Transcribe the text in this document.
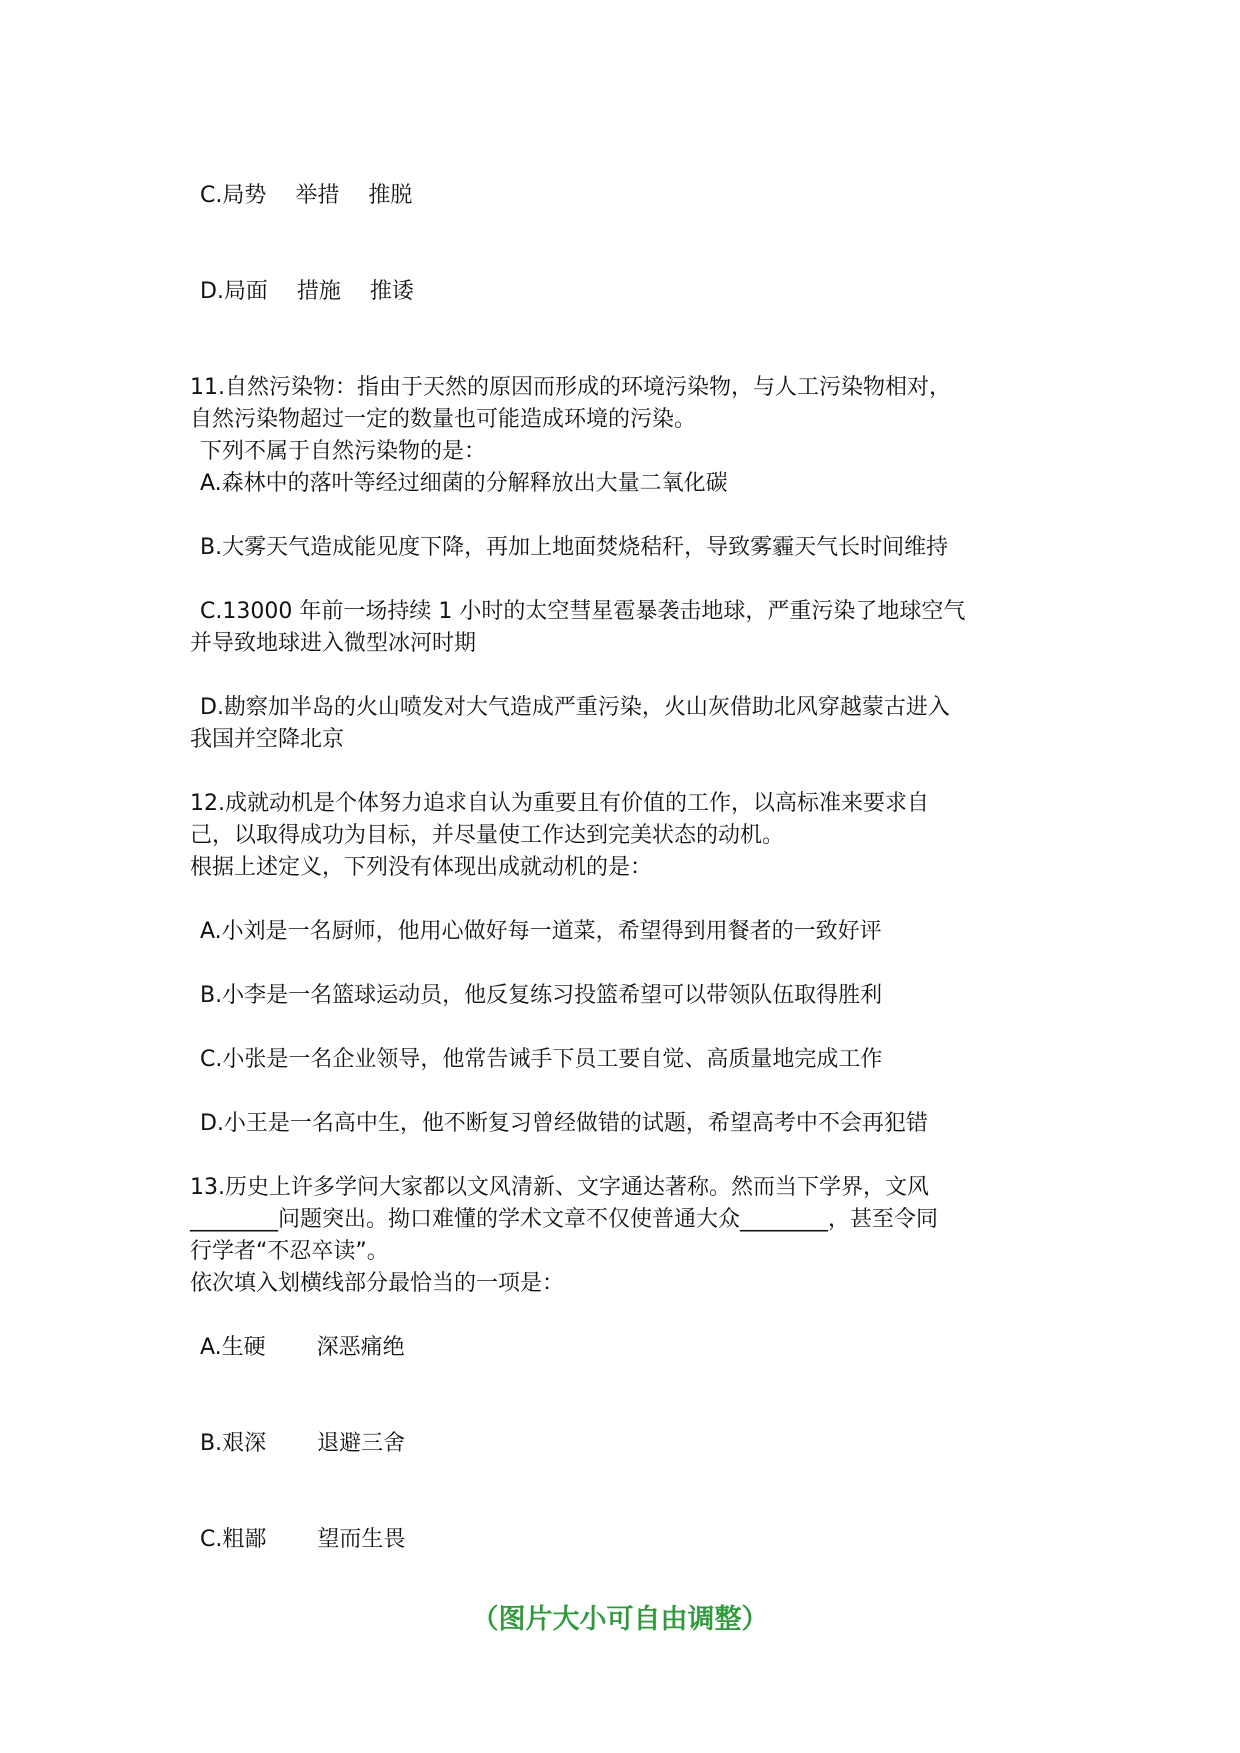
C.局势　 举措　 推脱

D.局面　 措施　 推诿

11.自然污染物：指由于天然的原因而形成的环境污染物，与人工污染物相对，

自然污染物超过一定的数量也可能造成环境的污染。

下列不属于自然污染物的是：

A.森林中的落叶等经过细菌的分解释放出大量二氧化碳

B.大雾天气造成能见度下降，再加上地面焚烧秸秆，导致雾霾天气长时间维持

C.13000 年前一场持续 1 小时的太空彗星雹暴袭击地球，严重污染了地球空气

并导致地球进入微型冰河时期

D.勘察加半岛的火山喷发对大气造成严重污染，火山灰借助北风穿越蒙古进入

我国并空降北京

12.成就动机是个体努力追求自认为重要且有价值的工作，以高标准来要求自

己，以取得成功为目标，并尽量使工作达到完美状态的动机。

根据上述定义，下列没有体现出成就动机的是：

A.小刘是一名厨师，他用心做好每一道菜，希望得到用餐者的一致好评

B.小李是一名篮球运动员，他反复练习投篮希望可以带领队伍取得胜利

C.小张是一名企业领导，他常告诫手下员工要自觉、高质量地完成工作

D.小王是一名高中生，他不断复习曾经做错的试题，希望高考中不会再犯错

13.历史上许多学问大家都以文风清新、文字通达著称。然而当下学界，文风

________问题突出。拗口难懂的学术文章不仅使普通大众________，甚至令同

行学者“不忍卒读”。

依次填入划横线部分最恰当的一项是：

A.生硬　　 深恶痛绝

B.艰深　　 退避三舍

C.粗鄙　　 望而生畏

（图片大小可自由调整）
